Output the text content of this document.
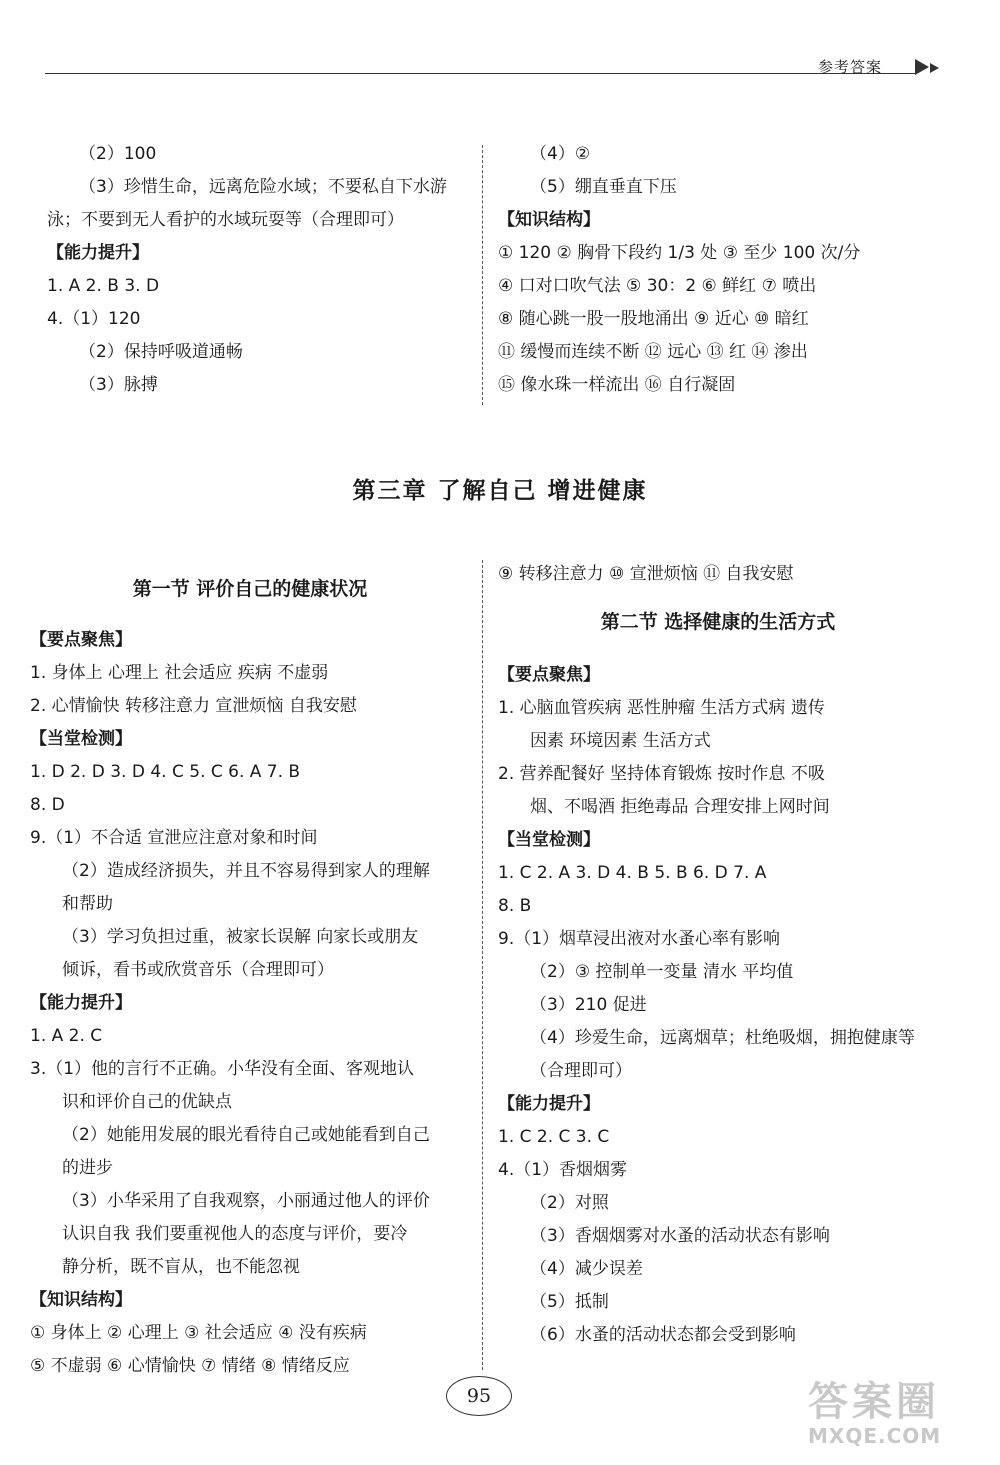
参考答案
（2）100
（3）珍惜生命，远离危险水域；不要私自下水游
泳；不要到无人看护的水域玩耍等（合理即可）
【能力提升】
1. A 2. B 3. D
4.（1）120
（2）保持呼吸道通畅
（3）脉搏
（4）②
（5）绷直垂直下压
【知识结构】
① 120 ② 胸骨下段约 1/3 处 ③ 至少 100 次/分
④ 口对口吹气法 ⑤ 30：2 ⑥ 鲜红 ⑦ 喷出
⑧ 随心跳一股一股地涌出 ⑨ 近心 ⑩ 暗红
⑪ 缓慢而连续不断 ⑫ 远心 ⑬ 红 ⑭ 渗出
⑮ 像水珠一样流出 ⑯ 自行凝固
第三章 了解自己 增进健康
第一节 评价自己的健康状况
【要点聚焦】
1. 身体上 心理上 社会适应 疾病 不虚弱
2. 心情愉快 转移注意力 宣泄烦恼 自我安慰
【当堂检测】
1. D 2. D 3. D 4. C 5. C 6. A 7. B
8. D
9.（1）不合适 宣泄应注意对象和时间
（2）造成经济损失，并且不容易得到家人的理解
和帮助
（3）学习负担过重，被家长误解 向家长或朋友
倾诉，看书或欣赏音乐（合理即可）
【能力提升】
1. A 2. C
3.（1）他的言行不正确。小华没有全面、客观地认
识和评价自己的优缺点
（2）她能用发展的眼光看待自己或她能看到自己
的进步
（3）小华采用了自我观察，小丽通过他人的评价
认识自我 我们要重视他人的态度与评价，要冷
静分析，既不盲从，也不能忽视
【知识结构】
① 身体上 ② 心理上 ③ 社会适应 ④ 没有疾病
⑤ 不虚弱 ⑥ 心情愉快 ⑦ 情绪 ⑧ 情绪反应
⑨ 转移注意力 ⑩ 宣泄烦恼 ⑪ 自我安慰
第二节 选择健康的生活方式
【要点聚焦】
1. 心脑血管疾病 恶性肿瘤 生活方式病 遗传
因素 环境因素 生活方式
2. 营养配餐好 坚持体育锻炼 按时作息 不吸
烟、不喝酒 拒绝毒品 合理安排上网时间
【当堂检测】
1. C 2. A 3. D 4. B 5. B 6. D 7. A
8. B
9.（1）烟草浸出液对水蚤心率有影响
（2）③ 控制单一变量 清水 平均值
（3）210 促进
（4）珍爱生命，远离烟草；杜绝吸烟，拥抱健康等
（合理即可）
【能力提升】
1. C 2. C 3. C
4.（1）香烟烟雾
（2）对照
（3）香烟烟雾对水蚤的活动状态有影响
（4）减少误差
（5）抵制
（6）水蚤的活动状态都会受到影响
95	答案圈
MXQE.COM
